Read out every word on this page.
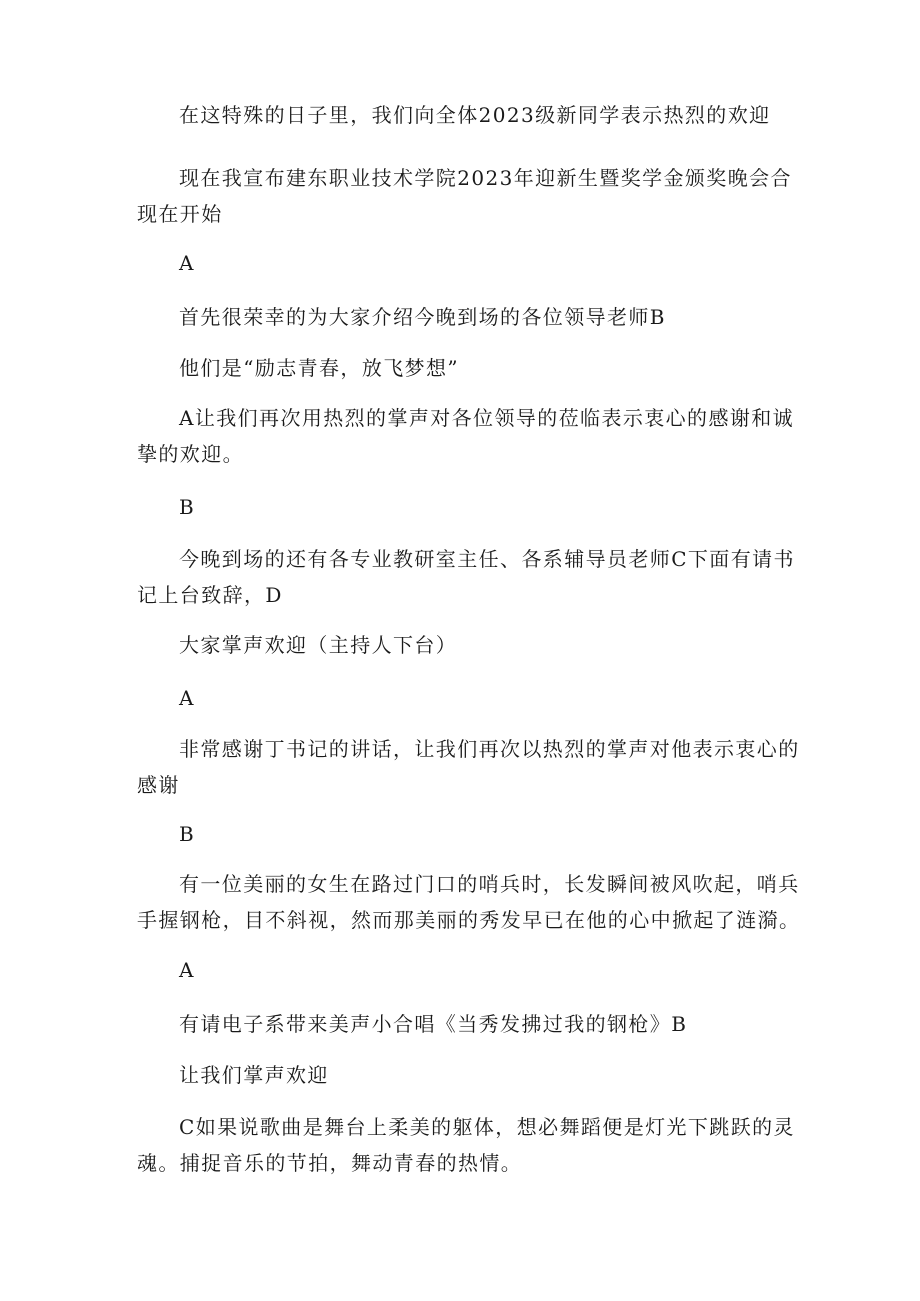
在这特殊的日子里，我们向全体2023级新同学表示热烈的欢迎

现在我宣布建东职业技术学院2023年迎新生暨奖学金颁奖晚会合现在开始

A

首先很荣幸的为大家介绍今晚到场的各位领导老师B

他们是“励志青春，放飞梦想”

A让我们再次用热烈的掌声对各位领导的莅临表示衷心的感谢和诚挚的欢迎。

B

今晚到场的还有各专业教研室主任、各系辅导员老师C下面有请书记上台致辞，D

大家掌声欢迎（主持人下台）

A

非常感谢丁书记的讲话，让我们再次以热烈的掌声对他表示衷心的感谢

B

有一位美丽的女生在路过门口的哨兵时，长发瞬间被风吹起，哨兵手握钢枪，目不斜视，然而那美丽的秀发早已在他的心中掀起了涟漪。

A

有请电子系带来美声小合唱《当秀发拂过我的钢枪》B

让我们掌声欢迎

C如果说歌曲是舞台上柔美的躯体，想必舞蹈便是灯光下跳跃的灵魂。捕捉音乐的节拍，舞动青春的热情。
